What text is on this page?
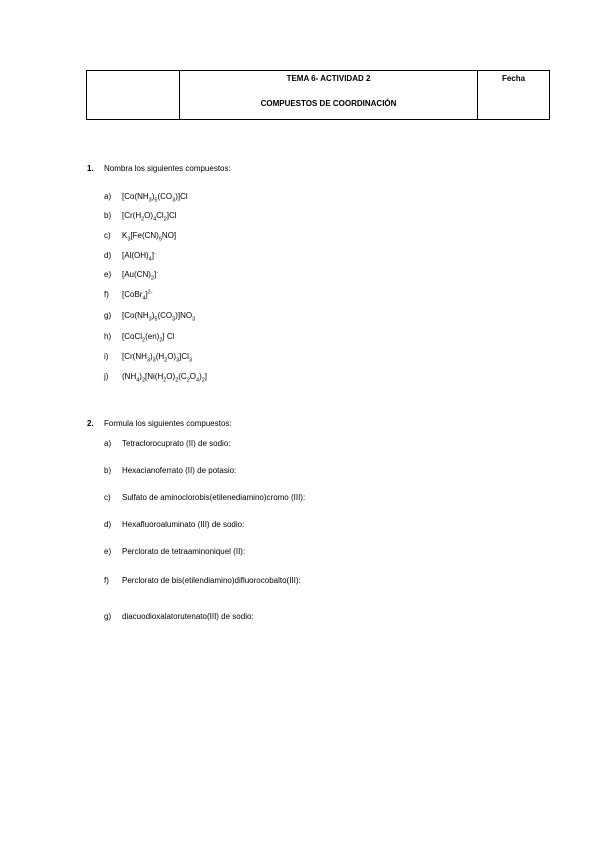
TEMA 6- ACTIVIDAD 2
COMPUESTOS DE COORDINACIÓN

Fecha
1. Nombra los siguientes compuestos:
a) $[Co(NH_3)_5(CO_3)]Cl$
b) $[Cr(H_2O)_4Cl_2]Cl$
c) $K_3[Fe(CN)_5NO]$
d) $[Al(OH)_4]^-$
e) $[Au(CN)_2]^-$
f) [CoBr$_4$]$^{2-}$
g) $[Co(NH_3)_5(CO_3)]NO_3$
h) $[CoCl_2(en)_2]$ Cl
i) $[Cr(NH_3)_3(H_2O)_3]Cl_3$
j) $(NH_4)_2[Ni(H_2O)_2(C_2O_4)_2]$
2. Formula los siguientes compuestos:
a) Tetraclorocuprato (II) de sodio:
b) Hexacianoferrato (II) de potasio:
c) Sulfato de aminoclorobis(etilenediamino)cromo (III):
d) Hexafluoroaluminato (III) de sodio:
e) Perclorato de tetraaminoniquel (II):
f) Perclorato de bis(etilendiamino)difluorocobalto(III):
g) diacuodioxalatorutenato(III) de sodio:
